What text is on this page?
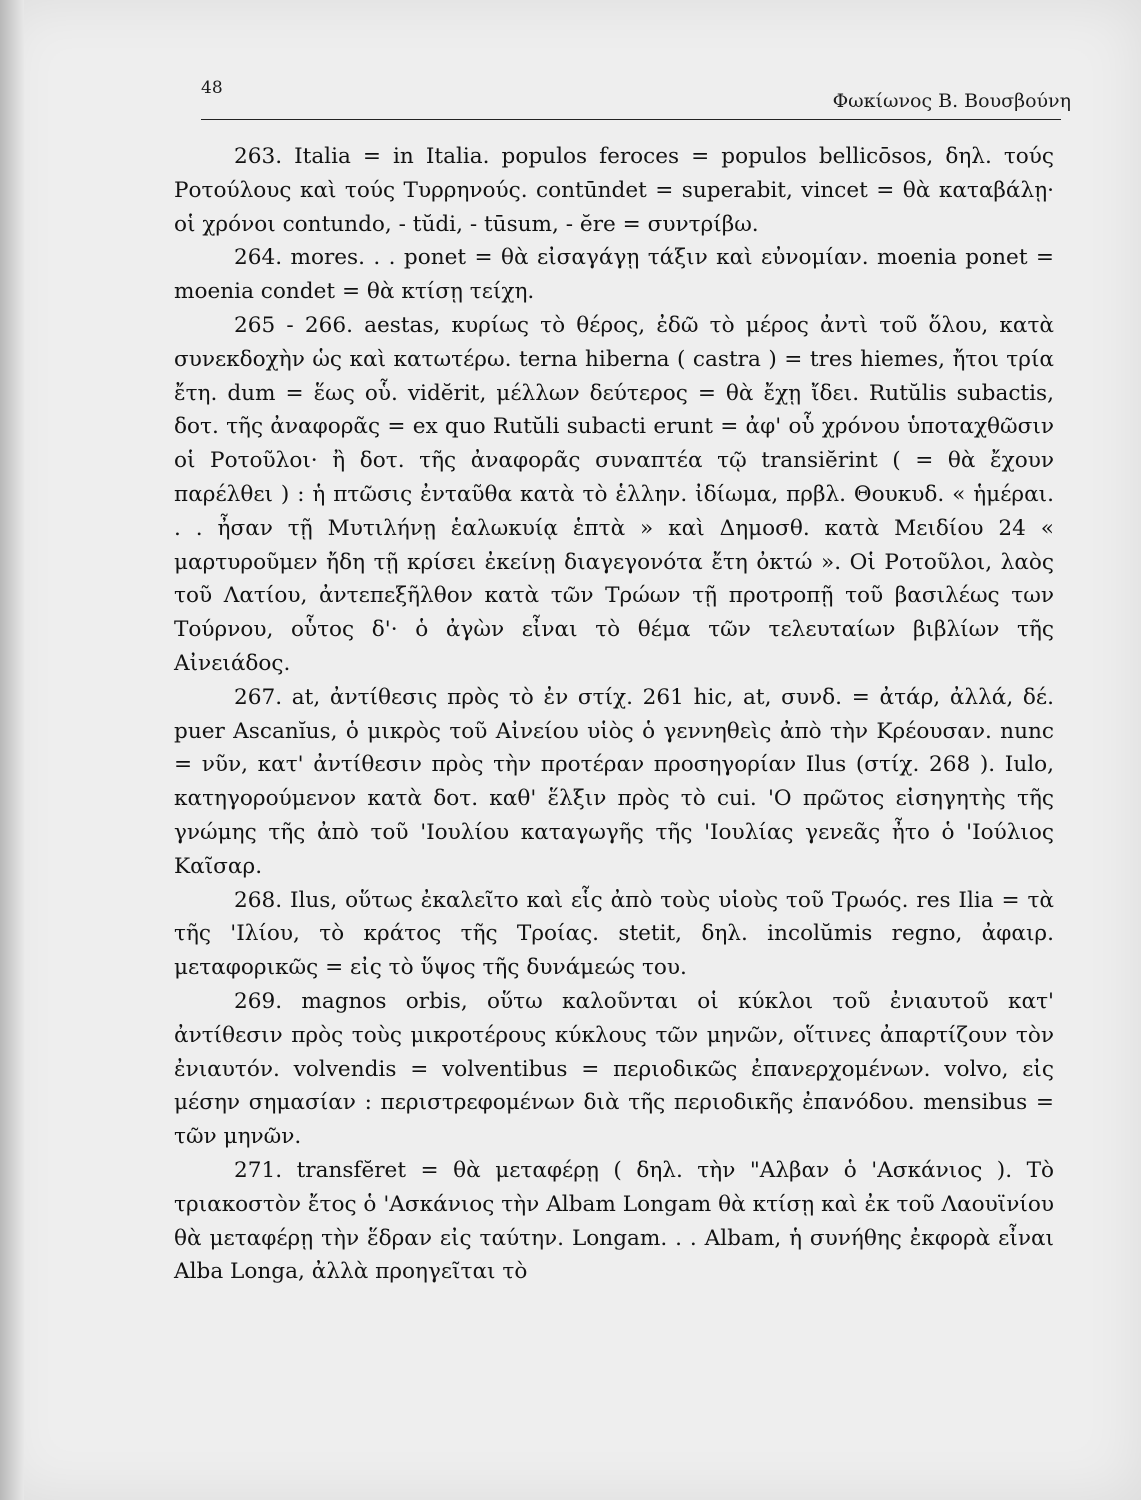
48
Φωκίωνος Β. Βουσβούνη

263. Italia = in Italia. populos feroces = populos bellicōsos, δηλ. τούς Ροτούλους καὶ τούς Τυρρηνούς. contūndet = superabit, vincet = θὰ καταβάλῃ· οἱ χρόνοι contundo, - tŭdi, - tūsum, - ĕre = συντρίβω.

264. mores. . . ponet = θὰ εἰσαγάγῃ τάξιν καὶ εὐνομίαν. moenia ponet = moenia condet = θὰ κτίσῃ τείχη.

265 - 266. aestas, κυρίως τὸ θέρος, ἐδῶ τὸ μέρος ἀντὶ τοῦ ὅλου, κατὰ συνεκδοχὴν ὡς καὶ κατωτέρω. terna hiberna ( castra ) = tres hiemes, ἤτοι τρία ἔτη. dum = ἕως οὗ. vidĕrit, μέλλων δεύτερος = θὰ ἔχῃ ἴδει. Rutŭlis subactis, δοτ. τῆς ἀναφορᾶς = ex quo Rutŭli subacti erunt = ἀφ' οὗ χρόνου ὑποταχθῶσιν οἱ Ροτοῦλοι· ἢ δοτ. τῆς ἀναφορᾶς συναπτέα τῷ transiĕrint ( = θὰ ἔχουν παρέλθει ) : ἡ πτῶσις ἐνταῦθα κατὰ τὸ ἑλλην. ἰδίωμα, πρβλ. Θουκυδ. « ἡμέραι. . . ἦσαν τῇ Μυτιλήνῃ ἑαλωκυίᾳ ἑπτὰ » καὶ Δημοσθ. κατὰ Μειδίου 24 « μαρτυροῦμεν ἤδη τῇ κρίσει ἐκείνῃ διαγεγονότα ἔτη ὀκτώ ». Οἱ Ροτοῦλοι, λαὸς τοῦ Λατίου, ἀντεπεξῆλθον κατὰ τῶν Τρώων τῇ προτροπῇ τοῦ βασιλέως των Τούρνου, οὗτος δ'· ὁ ἀγὼν εἶναι τὸ θέμα τῶν τελευταίων βιβλίων τῆς Αἰνειάδος.

267. at, ἀντίθεσις πρὸς τὸ ἐν στίχ. 261 hic, at, συνδ. = ἀτάρ, ἀλλά, δέ. puer Ascanĭus, ὁ μικρὸς τοῦ Αἰνείου υἱὸς ὁ γεννηθεὶς ἀπὸ τὴν Κρέουσαν. nunc = νῦν, κατ' ἀντίθεσιν πρὸς τὴν προτέραν προσηγορίαν Ilus (στίχ. 268 ). Iulo, κατηγορούμενον κατὰ δοτ. καθ' ἕλξιν πρὸς τὸ cui. 'Ο πρῶτος εἰσηγητὴς τῆς γνώμης τῆς ἀπὸ τοῦ 'Ιουλίου καταγωγῆς τῆς 'Ιουλίας γενεᾶς ἦτο ὁ 'Ιούλιος Καῖσαρ.

268. Ilus, οὕτως ἐκαλεῖτο καὶ εἷς ἀπὸ τοὺς υἱοὺς τοῦ Τρωός. res Ilia = τὰ τῆς 'Ιλίου, τὸ κράτος τῆς Τροίας. stetit, δηλ. incolŭmis regno, ἀφαιρ. μεταφορικῶς = εἰς τὸ ὕψος τῆς δυνάμεώς του.

269. magnos orbis, οὕτω καλοῦνται οἱ κύκλοι τοῦ ἐνιαυτοῦ κατ' ἀντίθεσιν πρὸς τοὺς μικροτέρους κύκλους τῶν μηνῶν, οἵτινες ἀπαρτίζουν τὸν ἐνιαυτόν. volvendis = volventibus = περιοδικῶς ἐπανερχομένων. volvo, εἰς μέσην σημασίαν : περιστρεφομένων διὰ τῆς περιοδικῆς ἐπανόδου. mensibus = τῶν μηνῶν.

271. transfĕret = θὰ μεταφέρῃ ( δηλ. τὴν "Αλβαν ὁ 'Ασκάνιος ). Τὸ τριακοστὸν ἔτος ὁ 'Ασκάνιος τὴν Albam Longam θὰ κτίσῃ καὶ ἐκ τοῦ Λαουϊνίου θὰ μεταφέρῃ τὴν ἕδραν εἰς ταύτην. Longam. . . Albam, ἡ συνήθης ἐκφορὰ εἶναι Alba Longa, ἀλλὰ προηγεῖται τὸ
